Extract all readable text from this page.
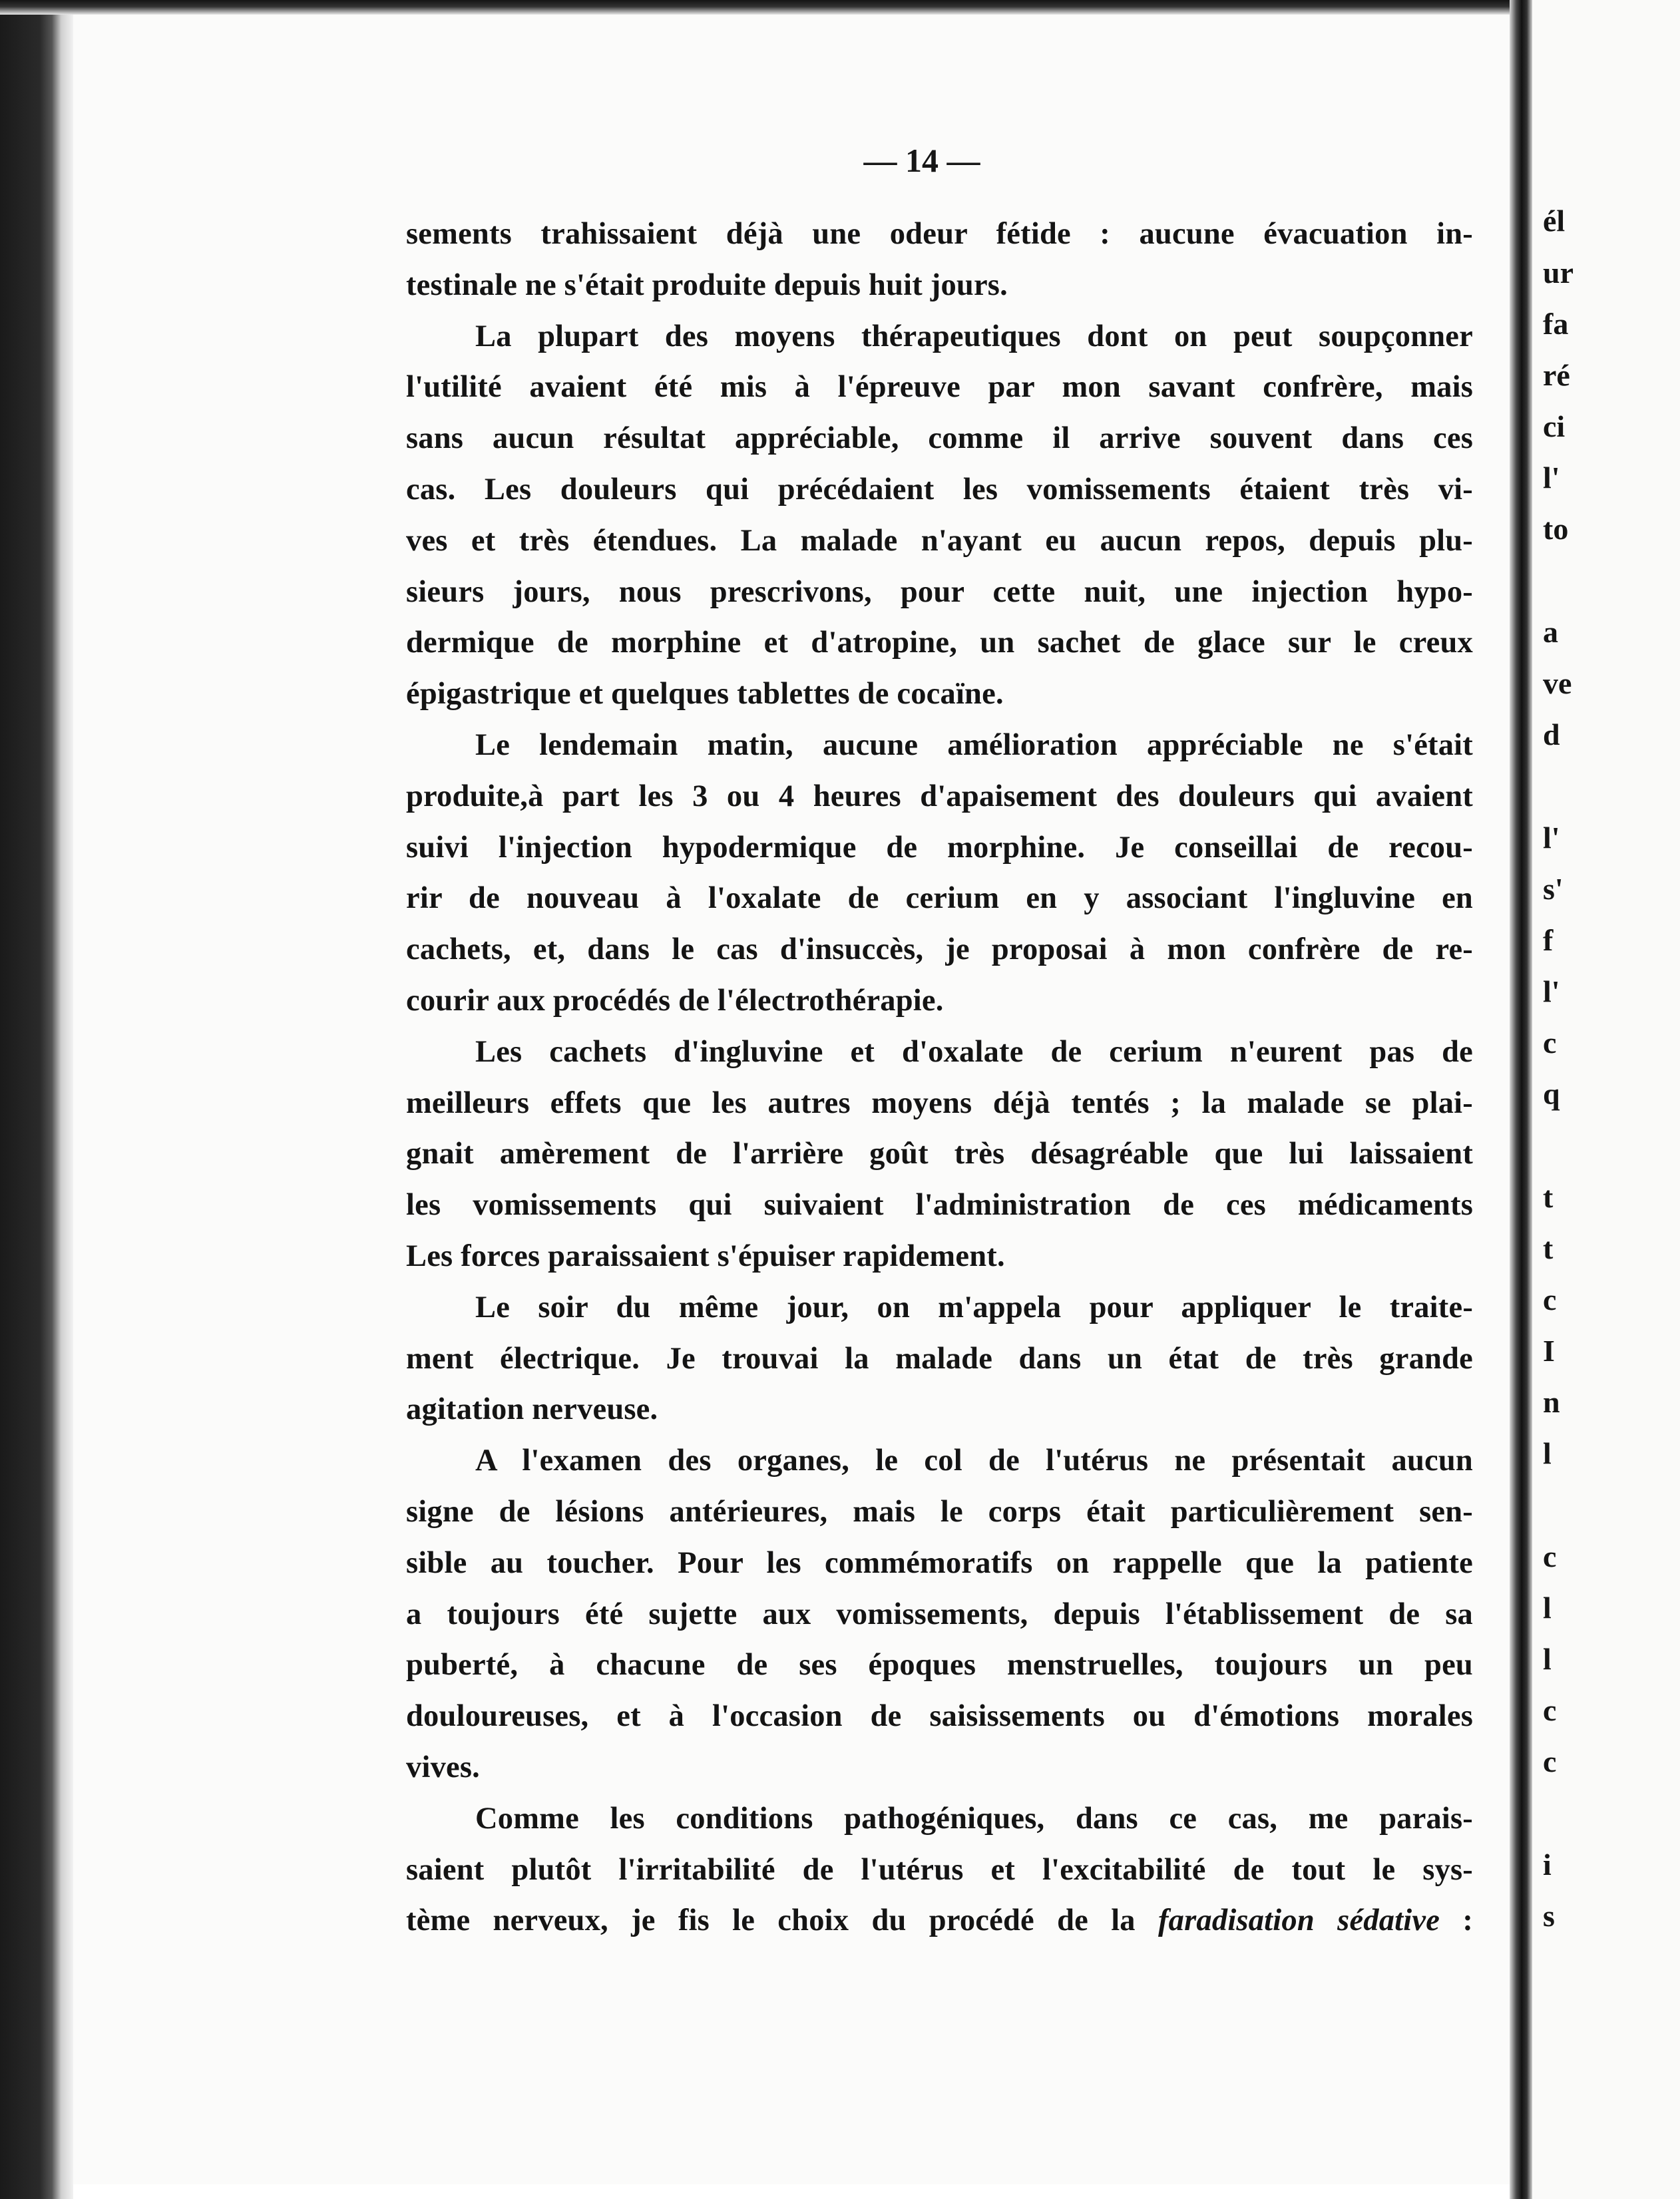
— 14 —
sements trahissaient déjà une odeur fétide : aucune évacuation in-
testinale ne s'était produite depuis huit jours.
La plupart des moyens thérapeutiques dont on peut soupçonner
l'utilité avaient été mis à l'épreuve par mon savant confrère, mais
sans aucun résultat appréciable, comme il arrive souvent dans ces
cas. Les douleurs qui précédaient les vomissements étaient très vi-
ves et très étendues. La malade n'ayant eu aucun repos, depuis plu-
sieurs jours, nous prescrivons, pour cette nuit, une injection hypo-
dermique de morphine et d'atropine, un sachet de glace sur le creux
épigastrique et quelques tablettes de cocaïne.
Le lendemain matin, aucune amélioration appréciable ne s'était
produite,à part les 3 ou 4 heures d'apaisement des douleurs qui avaient
suivi l'injection hypodermique de morphine. Je conseillai de recou-
rir de nouveau à l'oxalate de cerium en y associant l'ingluvine en
cachets, et, dans le cas d'insuccès, je proposai à mon confrère de re-
courir aux procédés de l'électrothérapie.
Les cachets d'ingluvine et d'oxalate de cerium n'eurent pas de
meilleurs effets que les autres moyens déjà tentés ; la malade se plai-
gnait amèrement de l'arrière goût très désagréable que lui laissaient
les vomissements qui suivaient l'administration de ces médicaments
Les forces paraissaient s'épuiser rapidement.
Le soir du même jour, on m'appela pour appliquer le traite-
ment électrique. Je trouvai la malade dans un état de très grande
agitation nerveuse.
A l'examen des organes, le col de l'utérus ne présentait aucun
signe de lésions antérieures, mais le corps était particulièrement sen-
sible au toucher. Pour les commémoratifs on rappelle que la patiente
a toujours été sujette aux vomissements, depuis l'établissement de sa
puberté, à chacune de ses époques menstruelles, toujours un peu
douloureuses, et à l'occasion de saisissements ou d'émotions morales
vives.
Comme les conditions pathogéniques, dans ce cas, me parais-
saient plutôt l'irritabilité de l'utérus et l'excitabilité de tout le sys-
tème nerveux, je fis le choix du procédé de la faradisation sédative :
él
ur
fa
ré
ci
l'
to
a
ve
d
l'
s'
f
l'
c
q
t
t
c
I
n
l
c
l
l
c
c
i
s
